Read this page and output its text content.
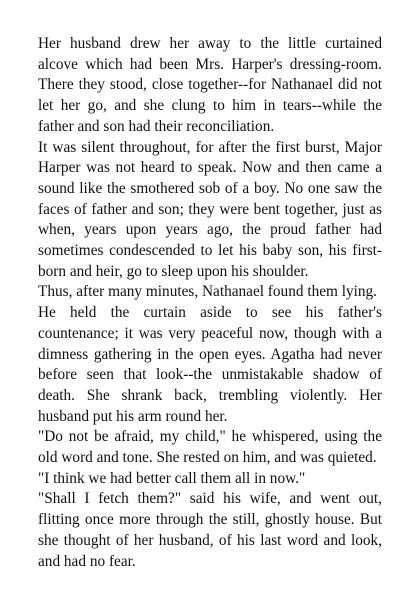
Her husband drew her away to the little curtained alcove which had been Mrs. Harper's dressing-room. There they stood, close together--for Nathanael did not let her go, and she clung to him in tears--while the father and son had their reconciliation.

It was silent throughout, for after the first burst, Major Harper was not heard to speak. Now and then came a sound like the smothered sob of a boy. No one saw the faces of father and son; they were bent together, just as when, years upon years ago, the proud father had sometimes condescended to let his baby son, his first-born and heir, go to sleep upon his shoulder.

Thus, after many minutes, Nathanael found them lying.

He held the curtain aside to see his father's countenance; it was very peaceful now, though with a dimness gathering in the open eyes. Agatha had never before seen that look--the unmistakable shadow of death. She shrank back, trembling violently. Her husband put his arm round her.

"Do not be afraid, my child," he whispered, using the old word and tone. She rested on him, and was quieted.

"I think we had better call them all in now."

"Shall I fetch them?" said his wife, and went out, flitting once more through the still, ghostly house. But she thought of her husband, of his last word and look, and had no fear.
